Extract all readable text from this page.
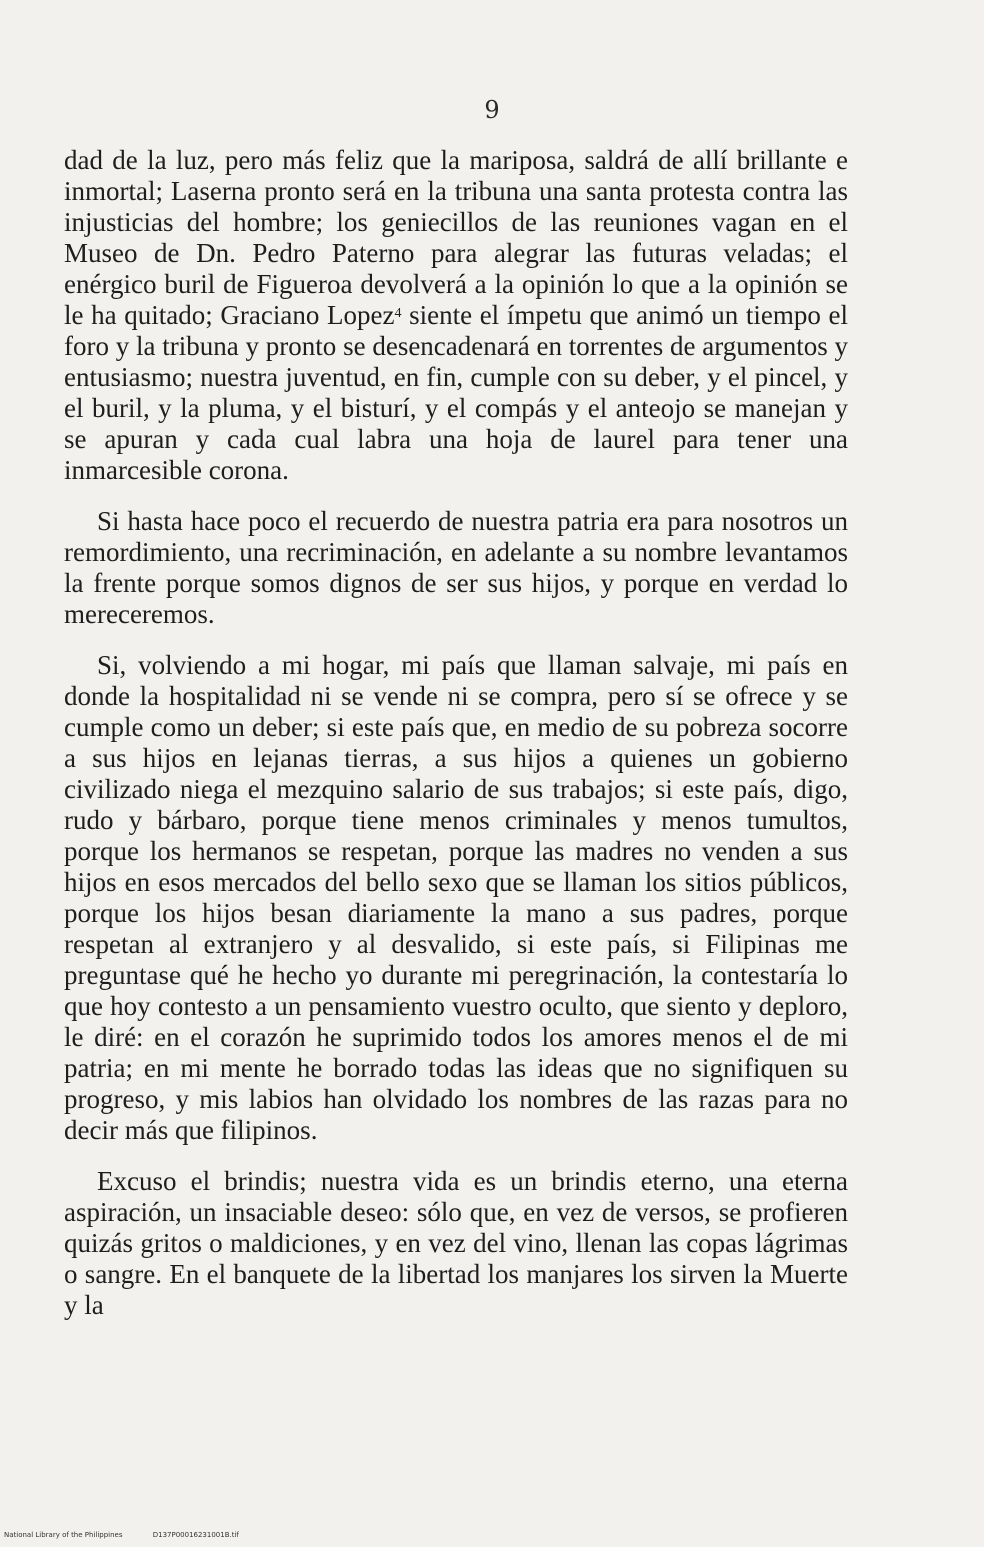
9

dad de la luz, pero más feliz que la mariposa, saldrá de allí brillante e inmortal; Laserna pronto será en la tribuna una santa protesta contra las injusticias del hombre; los geniecillos de las reuniones vagan en el Museo de Dn. Pedro Paterno para alegrar las futuras veladas; el enérgico buril de Figueroa devolverá a la opinión lo que a la opinión se le ha quitado; Graciano Lopez$^4$ siente el ímpetu que animó un tiempo el foro y la tribuna y pronto se desencadenará en torrentes de argumentos y entusiasmo; nuestra juventud, en fin, cumple con su deber, y el pincel, y el buril, y la pluma, y el bisturí, y el compás y el anteojo se manejan y se apuran y cada cual labra una hoja de laurel para tener una inmarcesible corona.

Si hasta hace poco el recuerdo de nuestra patria era para nosotros un remordimiento, una recriminación, en adelante a su nombre levantamos la frente porque somos dignos de ser sus hijos, y porque en verdad lo mereceremos.

Si, volviendo a mi hogar, mi país que llaman salvaje, mi país en donde la hospitalidad ni se vende ni se compra, pero sí se ofrece y se cumple como un deber; si este país que, en medio de su pobreza socorre a sus hijos en lejanas tierras, a sus hijos a quienes un gobierno civilizado niega el mezquino salario de sus trabajos; si este país, digo, rudo y bárbaro, porque tiene menos criminales y menos tumultos, porque los hermanos se respetan, porque las madres no venden a sus hijos en esos mercados del bello sexo que se llaman los sitios públicos, porque los hijos besan diariamente la mano a sus padres, porque respetan al extranjero y al desvalido, si este país, si Filipinas me preguntase qué he hecho yo durante mi peregrinación, la contestaría lo que hoy contesto a un pensamiento vuestro oculto, que siento y deploro, le diré: en el corazón he suprimido todos los amores menos el de mi patria; en mi mente he borrado todas las ideas que no signifiquen su progreso, y mis labios han olvidado los nombres de las razas para no decir más que filipinos.

Excuso el brindis; nuestra vida es un brindis eterno, una eterna aspiración, un insaciable deseo: sólo que, en vez de versos, se profieren quizás gritos o maldiciones, y en vez del vino, llenan las copas lágrimas o sangre. En el banquete de la libertad los manjares los sirven la Muerte y la

National Library of the Philippines	D137P00016231001B.tif
